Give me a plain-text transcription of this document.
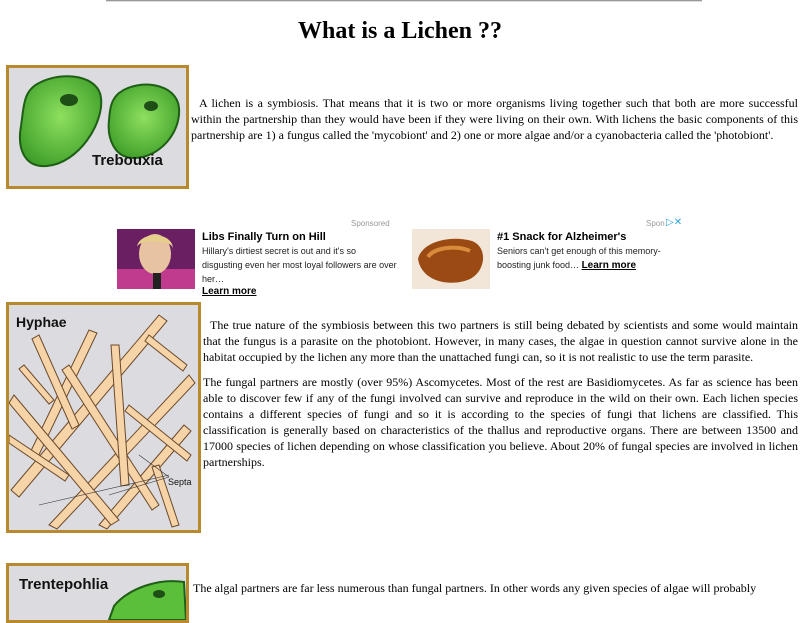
What is a Lichen ??
Trebouxia

A lichen is a symbiosis. That means that it is two or more organisms living together such that both are more successful within the partnership than they would have been if they were living on their own. With lichens the basic components of this partnership are 1) a fungus called the 'mycobiont' and 2) one or more algae and/or a cyanobacteria called the 'photobiont'.

Sponsored	Spon ▷✕
Libs Finally Turn on Hill
Hillary's dirtiest secret is out and it's so disgusting even her most loyal followers are over her…
Learn more
#1 Snack for Alzheimer's
Seniors can't get enough of this memory-boosting junk food… Learn more
Hyphae
Septa

The true nature of the symbiosis between this two partners is still being debated by scientists and some would maintain that the fungus is a parasite on the photobiont. However, in many cases, the algae in question cannot survive alone in the habitat occupied by the lichen any more than the unattached fungi can, so it is not realistic to use the term parasite.

The fungal partners are mostly (over 95%) Ascomycetes. Most of the rest are Basidiomycetes. As far as science has been able to discover few if any of the fungi involved can survive and reproduce in the wild on their own. Each lichen species contains a different species of fungi and so it is according to the species of fungi that lichens are classified. This classification is generally based on characteristics of the thallus and reproductive organs. There are between 13500 and 17000 species of lichen depending on whose classification you believe. About 20% of fungal species are involved in lichen partnerships.

Trentepohlia	The algal partners are far less numerous than fungal partners. In other words any given species of algae will probably
